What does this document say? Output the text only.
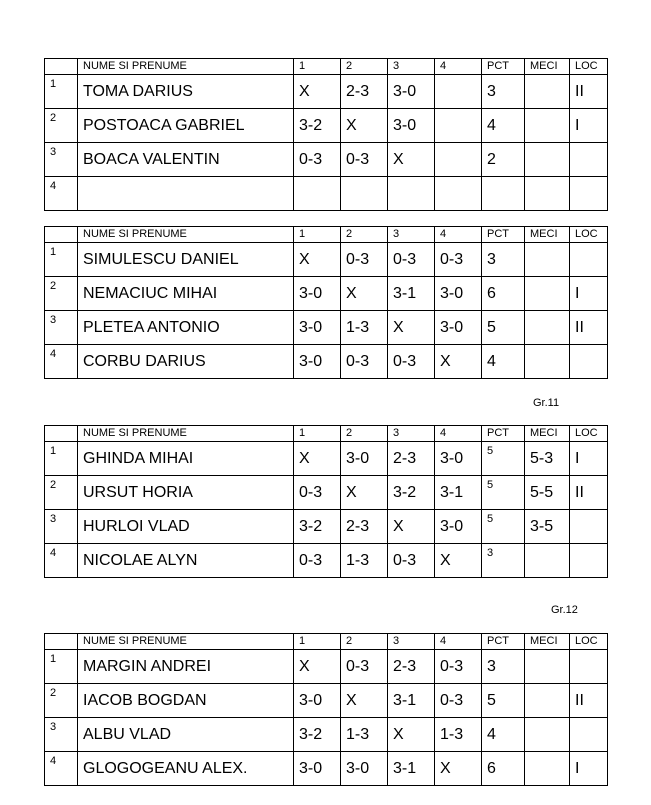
	NUME SI PRENUME	1	2	3	4	PCT	MECI	LOC
1	TOMA DARIUS	X	2-3	3-0		3		II
2	POSTOACA GABRIEL	3-2	X	3-0		4		I
3	BOACA VALENTIN	0-3	0-3	X		2		
4								
	NUME SI PRENUME	1	2	3	4	PCT	MECI	LOC
1	SIMULESCU DANIEL	X	0-3	0-3	0-3	3		
2	NEMACIUC MIHAI	3-0	X	3-1	3-0	6		I
3	PLETEA ANTONIO	3-0	1-3	X	3-0	5		II
4	CORBU DARIUS	3-0	0-3	0-3	X	4		
Gr.11
	NUME SI PRENUME	1	2	3	4	PCT	MECI	LOC
1	GHINDA MIHAI	X	3-0	2-3	3-0	5	5-3	I
2	URSUT HORIA	0-3	X	3-2	3-1	5	5-5	II
3	HURLOI VLAD	3-2	2-3	X	3-0	5	3-5	
4	NICOLAE ALYN	0-3	1-3	0-3	X	3		
Gr.12
	NUME SI PRENUME	1	2	3	4	PCT	MECI	LOC
1	MARGIN ANDREI	X	0-3	2-3	0-3	3		
2	IACOB BOGDAN	3-0	X	3-1	0-3	5		II
3	ALBU VLAD	3-2	1-3	X	1-3	4		
4	GLOGOGEANU ALEX.	3-0	3-0	3-1	X	6		I
